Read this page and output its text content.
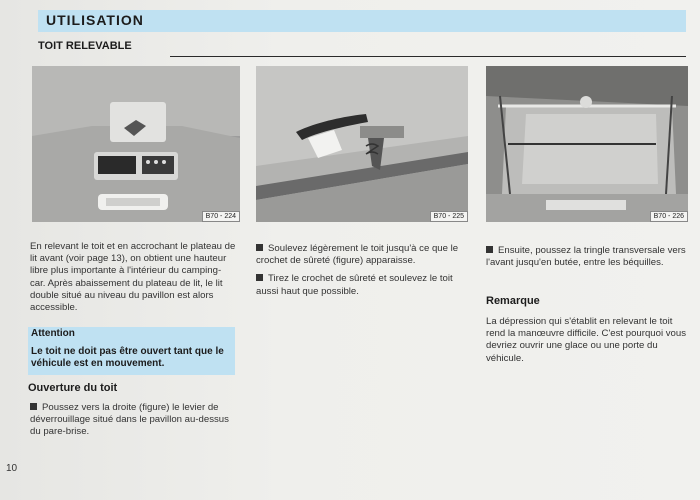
UTILISATION
TOIT RELEVABLE
B70 - 224	B70 - 225	B70 - 226

En relevant le toit et en accrochant le plateau de lit avant (voir page 13), on obtient une hauteur libre plus importante à l'intérieur du camping-car. Après abaissement du plateau de lit, le lit double situé au niveau du pavillon est alors accessible.

Attention
Le toit ne doit pas être ouvert tant que le véhicule est en mouvement.
Ouverture du toit

Poussez vers la droite (figure) le levier de déverrouillage situé dans le pavillon au-dessus du pare-brise.

Soulevez légèrement le toit jusqu'à ce que le crochet de sûreté (figure) apparaisse.

Tirez le crochet de sûreté et soulevez le toit aussi haut que possible.

Ensuite, poussez la tringle transversale vers l'avant jusqu'en butée, entre les béquilles.

Remarque

La dépression qui s'établit en relevant le toit rend la manœuvre difficile. C'est pourquoi vous devriez ouvrir une glace ou une porte du véhicule.

10
